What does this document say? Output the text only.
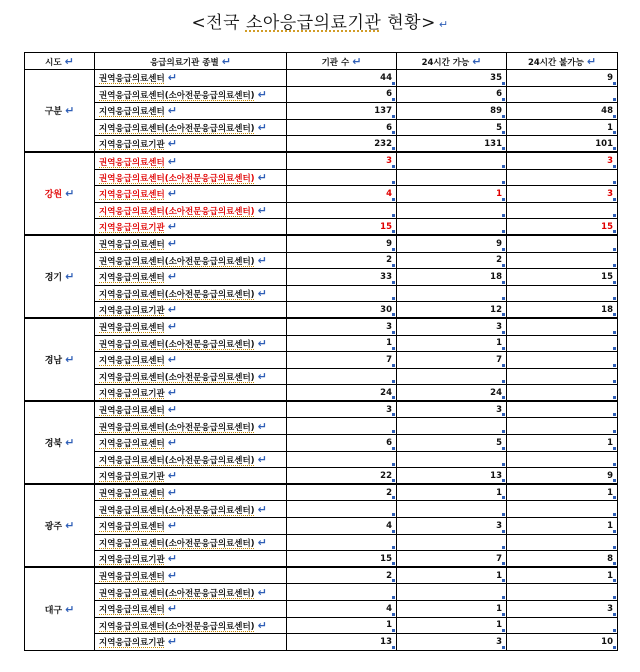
<전국 소아응급의료기관 현황> ↵
시도 ↵	응급의료기관 종별 ↵	기관 수 ↵	24시간 가능 ↵	24시간 불가능 ↵
구분 ↵	권역응급의료센터 ↵	44	35	9
	권역응급의료센터(소아전문응급의료센터) ↵	6	6	
	지역응급의료센터 ↵	137	89	48
	지역응급의료센터(소아전문응급의료센터) ↵	6	5	1
	지역응급의료기관 ↵	232	131	101
강원 ↵	권역응급의료센터 ↵	3		3
	권역응급의료센터(소아전문응급의료센터) ↵			
	지역응급의료센터 ↵	4	1	3
	지역응급의료센터(소아전문응급의료센터) ↵			
	지역응급의료기관 ↵	15		15
경기 ↵	권역응급의료센터 ↵	9	9	
	권역응급의료센터(소아전문응급의료센터) ↵	2	2	
	지역응급의료센터 ↵	33	18	15
	지역응급의료센터(소아전문응급의료센터) ↵			
	지역응급의료기관 ↵	30	12	18
경남 ↵	권역응급의료센터 ↵	3	3	
	권역응급의료센터(소아전문응급의료센터) ↵	1	1	
	지역응급의료센터 ↵	7	7	
	지역응급의료센터(소아전문응급의료센터) ↵			
	지역응급의료기관 ↵	24	24	
경북 ↵	권역응급의료센터 ↵	3	3	
	권역응급의료센터(소아전문응급의료센터) ↵			
	지역응급의료센터 ↵	6	5	1
	지역응급의료센터(소아전문응급의료센터) ↵			
	지역응급의료기관 ↵	22	13	9
광주 ↵	권역응급의료센터 ↵	2	1	1
	권역응급의료센터(소아전문응급의료센터) ↵			
	지역응급의료센터 ↵	4	3	1
	지역응급의료센터(소아전문응급의료센터) ↵			
	지역응급의료기관 ↵	15	7	8
대구 ↵	권역응급의료센터 ↵	2	1	1
	권역응급의료센터(소아전문응급의료센터) ↵			
	지역응급의료센터 ↵	4	1	3
	지역응급의료센터(소아전문응급의료센터) ↵	1	1	
	지역응급의료기관 ↵	13	3	10
